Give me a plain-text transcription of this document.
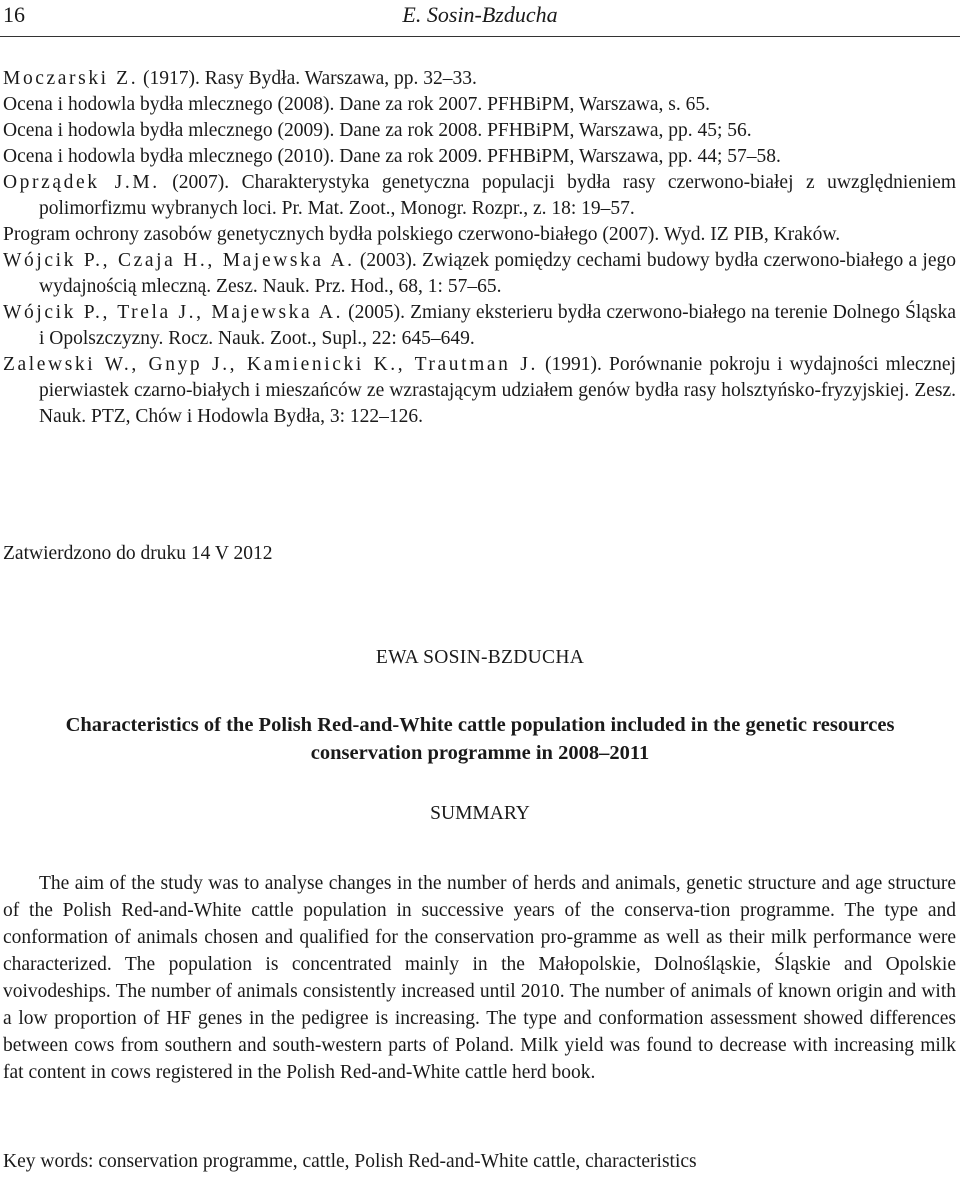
16	E. Sosin-Bzducha

Moczarski Z. (1917). Rasy Bydła. Warszawa, pp. 32–33.

Ocena i hodowla bydła mlecznego (2008). Dane za rok 2007. PFHBiPM, Warszawa, s. 65.

Ocena i hodowla bydła mlecznego (2009). Dane za rok 2008. PFHBiPM, Warszawa, pp. 45; 56.

Ocena i hodowla bydła mlecznego (2010). Dane za rok 2009. PFHBiPM, Warszawa, pp. 44; 57–58.

Oprządek J.M. (2007). Charakterystyka genetyczna populacji bydła rasy czerwono-białej z uwzględnieniem polimorfizmu wybranych loci. Pr. Mat. Zoot., Monogr. Rozpr., z. 18: 19–57.

Program ochrony zasobów genetycznych bydła polskiego czerwono-białego (2007). Wyd. IZ PIB, Kraków.

Wójcik P., Czaja H., Majewska A. (2003). Związek pomiędzy cechami budowy bydła czerwono-białego a jego wydajnością mleczną. Zesz. Nauk. Prz. Hod., 68, 1: 57–65.

Wójcik P., Trela J., Majewska A. (2005). Zmiany eksterieru bydła czerwono-białego na terenie Dolnego Śląska i Opolszczyzny. Rocz. Nauk. Zoot., Supl., 22: 645–649.

Zalewski W., Gnyp J., Kamienicki K., Trautman J. (1991). Porównanie pokroju i wydajności mlecznej pierwiastek czarno-białych i mieszańców ze wzrastającym udziałem genów bydła rasy holsztyńsko-fryzyjskiej. Zesz. Nauk. PTZ, Chów i Hodowla Bydła, 3: 122–126.

Zatwierdzono do druku 14 V 2012
EWA SOSIN-BZDUCHA
Characteristics of the Polish Red-and-White cattle population included in the genetic resources conservation programme in 2008–2011
SUMMARY

The aim of the study was to analyse changes in the number of herds and animals, genetic structure and age structure of the Polish Red-and-White cattle population in successive years of the conserva-tion programme. The type and conformation of animals chosen and qualified for the conservation pro-gramme as well as their milk performance were characterized. The population is concentrated mainly in the Małopolskie, Dolnośląskie, Śląskie and Opolskie voivodeships. The number of animals consistently increased until 2010. The number of animals of known origin and with a low proportion of HF genes in the pedigree is increasing. The type and conformation assessment showed differences between cows from southern and south-western parts of Poland. Milk yield was found to decrease with increasing milk fat content in cows registered in the Polish Red-and-White cattle herd book.

Key words: conservation programme, cattle, Polish Red-and-White cattle, characteristics
